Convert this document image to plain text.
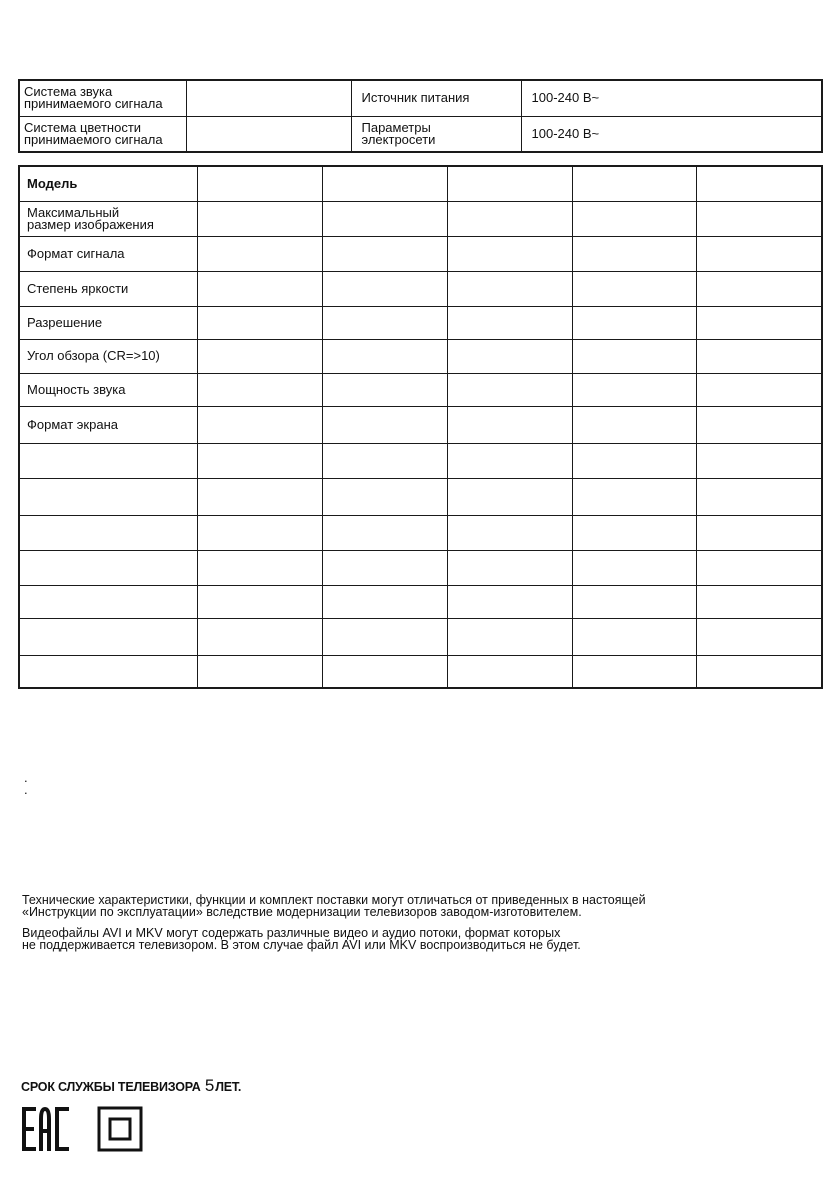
Система звука
принимаемого сигнала		Источник питания	100-240 В~

Система цветности
принимаемого сигнала		Параметры
электросети	100-240 В~
Модель					

Максимальный
размер изображения					

Формат сигнала					

Степень яркости					

Разрешение					

Угол обзора (CR=>10)					

Мощность звука					

Формат экрана					

.
.
Технические характеристики, функции и комплект поставки могут отличаться от приведенных в настоящей
«Инструкции по эксплуатации» вследствие модернизации телевизоров заводом-изготовителем.
Видеофайлы AVI и MKV могут содержать различные видео и аудио потоки, формат которых
не поддерживается телевизором. В этом случае файл AVI или MKV воспроизводиться не будет.
СРОК СЛУЖБЫ ТЕЛЕВИЗОРА 5ЛЕТ.
